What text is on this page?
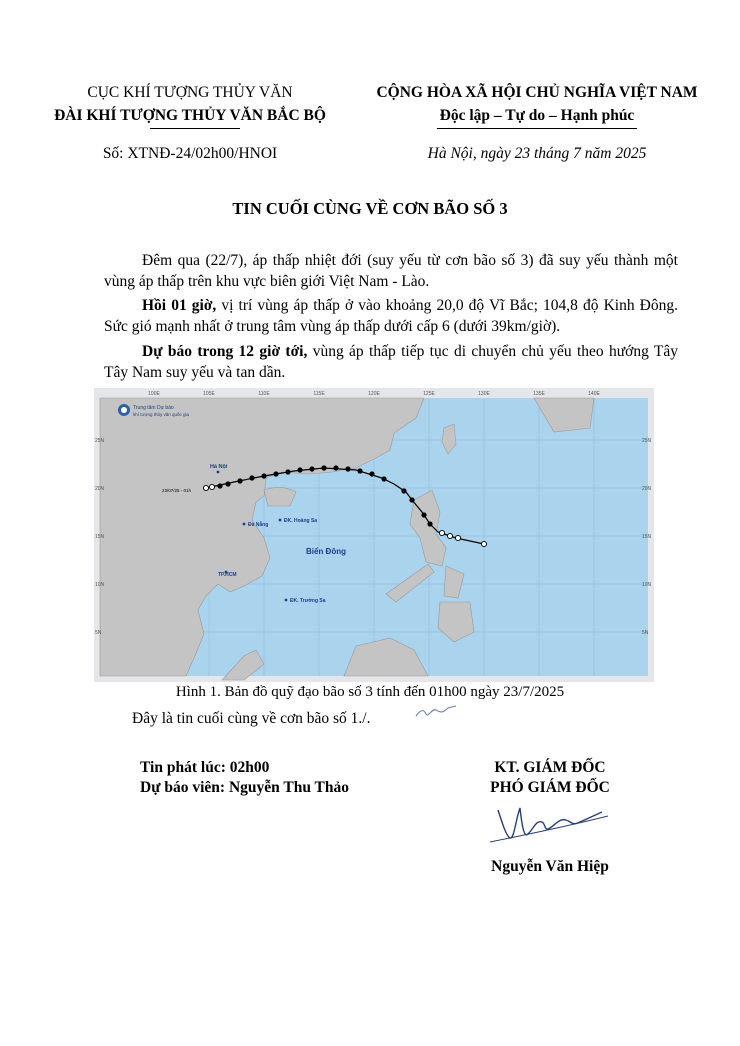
CỤC KHÍ TƯỢNG THỦY VĂN
ĐÀI KHÍ TƯỢNG THỦY VĂN BẮC BỘ
Số: XTNĐ-24/02h00/HNOI
CỘNG HÒA XÃ HỘI CHỦ NGHĨA VIỆT NAM
Độc lập – Tự do – Hạnh phúc
Hà Nội, ngày 23 tháng 7 năm 2025
TIN CUỐI CÙNG VỀ CƠN BÃO SỐ 3
Đêm qua (22/7), áp thấp nhiệt đới (suy yếu từ cơn bão số 3) đã suy yếu thành một vùng áp thấp trên khu vực biên giới Việt Nam - Lào.
Hồi 01 giờ, vị trí vùng áp thấp ở vào khoảng 20,0 độ Vĩ Bắc; 104,8 độ Kinh Đông. Sức gió mạnh nhất ở trung tâm vùng áp thấp dưới cấp 6 (dưới 39km/giờ).
Dự báo trong 12 giờ tới, vùng áp thấp tiếp tục di chuyển chủ yếu theo hướng Tây Tây Nam suy yếu và tan dần.
100E	105E	110E	115E	120E	125E	130E	135E	140E
25N
20N
15N
10N
5N
25N
20N
15N
10N
5N
Trung tâm Dự báo
khí tượng thủy văn quốc gia
Hà Nội
Đà Nẵng
ĐK. Hoàng Sa
TP.HCM
ĐK. Trường Sa
Biển Đông
23/07/25 - 01h
Hình 1. Bản đồ quỹ đạo bão số 3 tính đến 01h00 ngày 23/7/2025
Đây là tin cuối cùng về cơn bão số 1./.
Tin phát lúc: 02h00
Dự báo viên: Nguyễn Thu Thảo
KT. GIÁM ĐỐC
PHÓ GIÁM ĐỐC
Nguyễn Văn Hiệp
